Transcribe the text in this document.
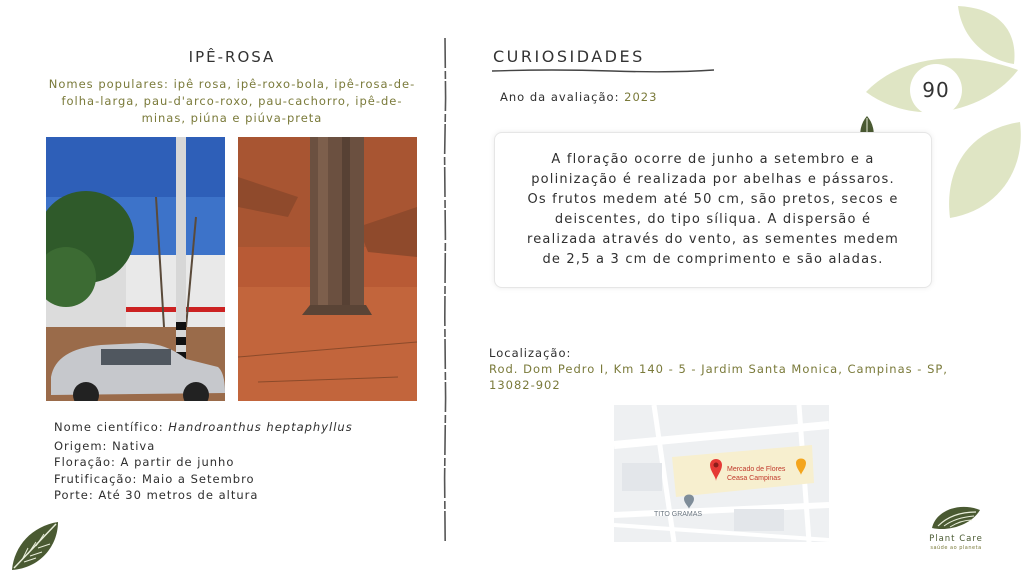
IPÊ-ROSA
Nomes populares: ipê rosa, ipê-roxo-bola, ipê-rosa-de-
folha-larga, pau-d'arco-roxo, pau-cachorro, ipê-de-
minas, piúna e piúva-preta
Nome científico: Handroanthus heptaphyllus
Origem: Nativa
Floração: A partir de junho
Frutificação: Maio a Setembro
Porte: Até 30 metros de altura
CURIOSIDADES
Ano da avaliação: 2023	90
A floração ocorre de junho a setembro e a
polinização é realizada por abelhas e pássaros.
Os frutos medem até 50 cm, são pretos, secos e
deiscentes, do tipo síliqua. A dispersão é
realizada através do vento, as sementes medem
de 2,5 a 3 cm de comprimento e são aladas.
Localização:
Rod. Dom Pedro I, Km 140 - 5 - Jardim Santa Monica, Campinas - SP,
13082-902
Mercado de Flores
Ceasa Campinas
TITO GRAMAS
Plant Care
saúde ao planeta
